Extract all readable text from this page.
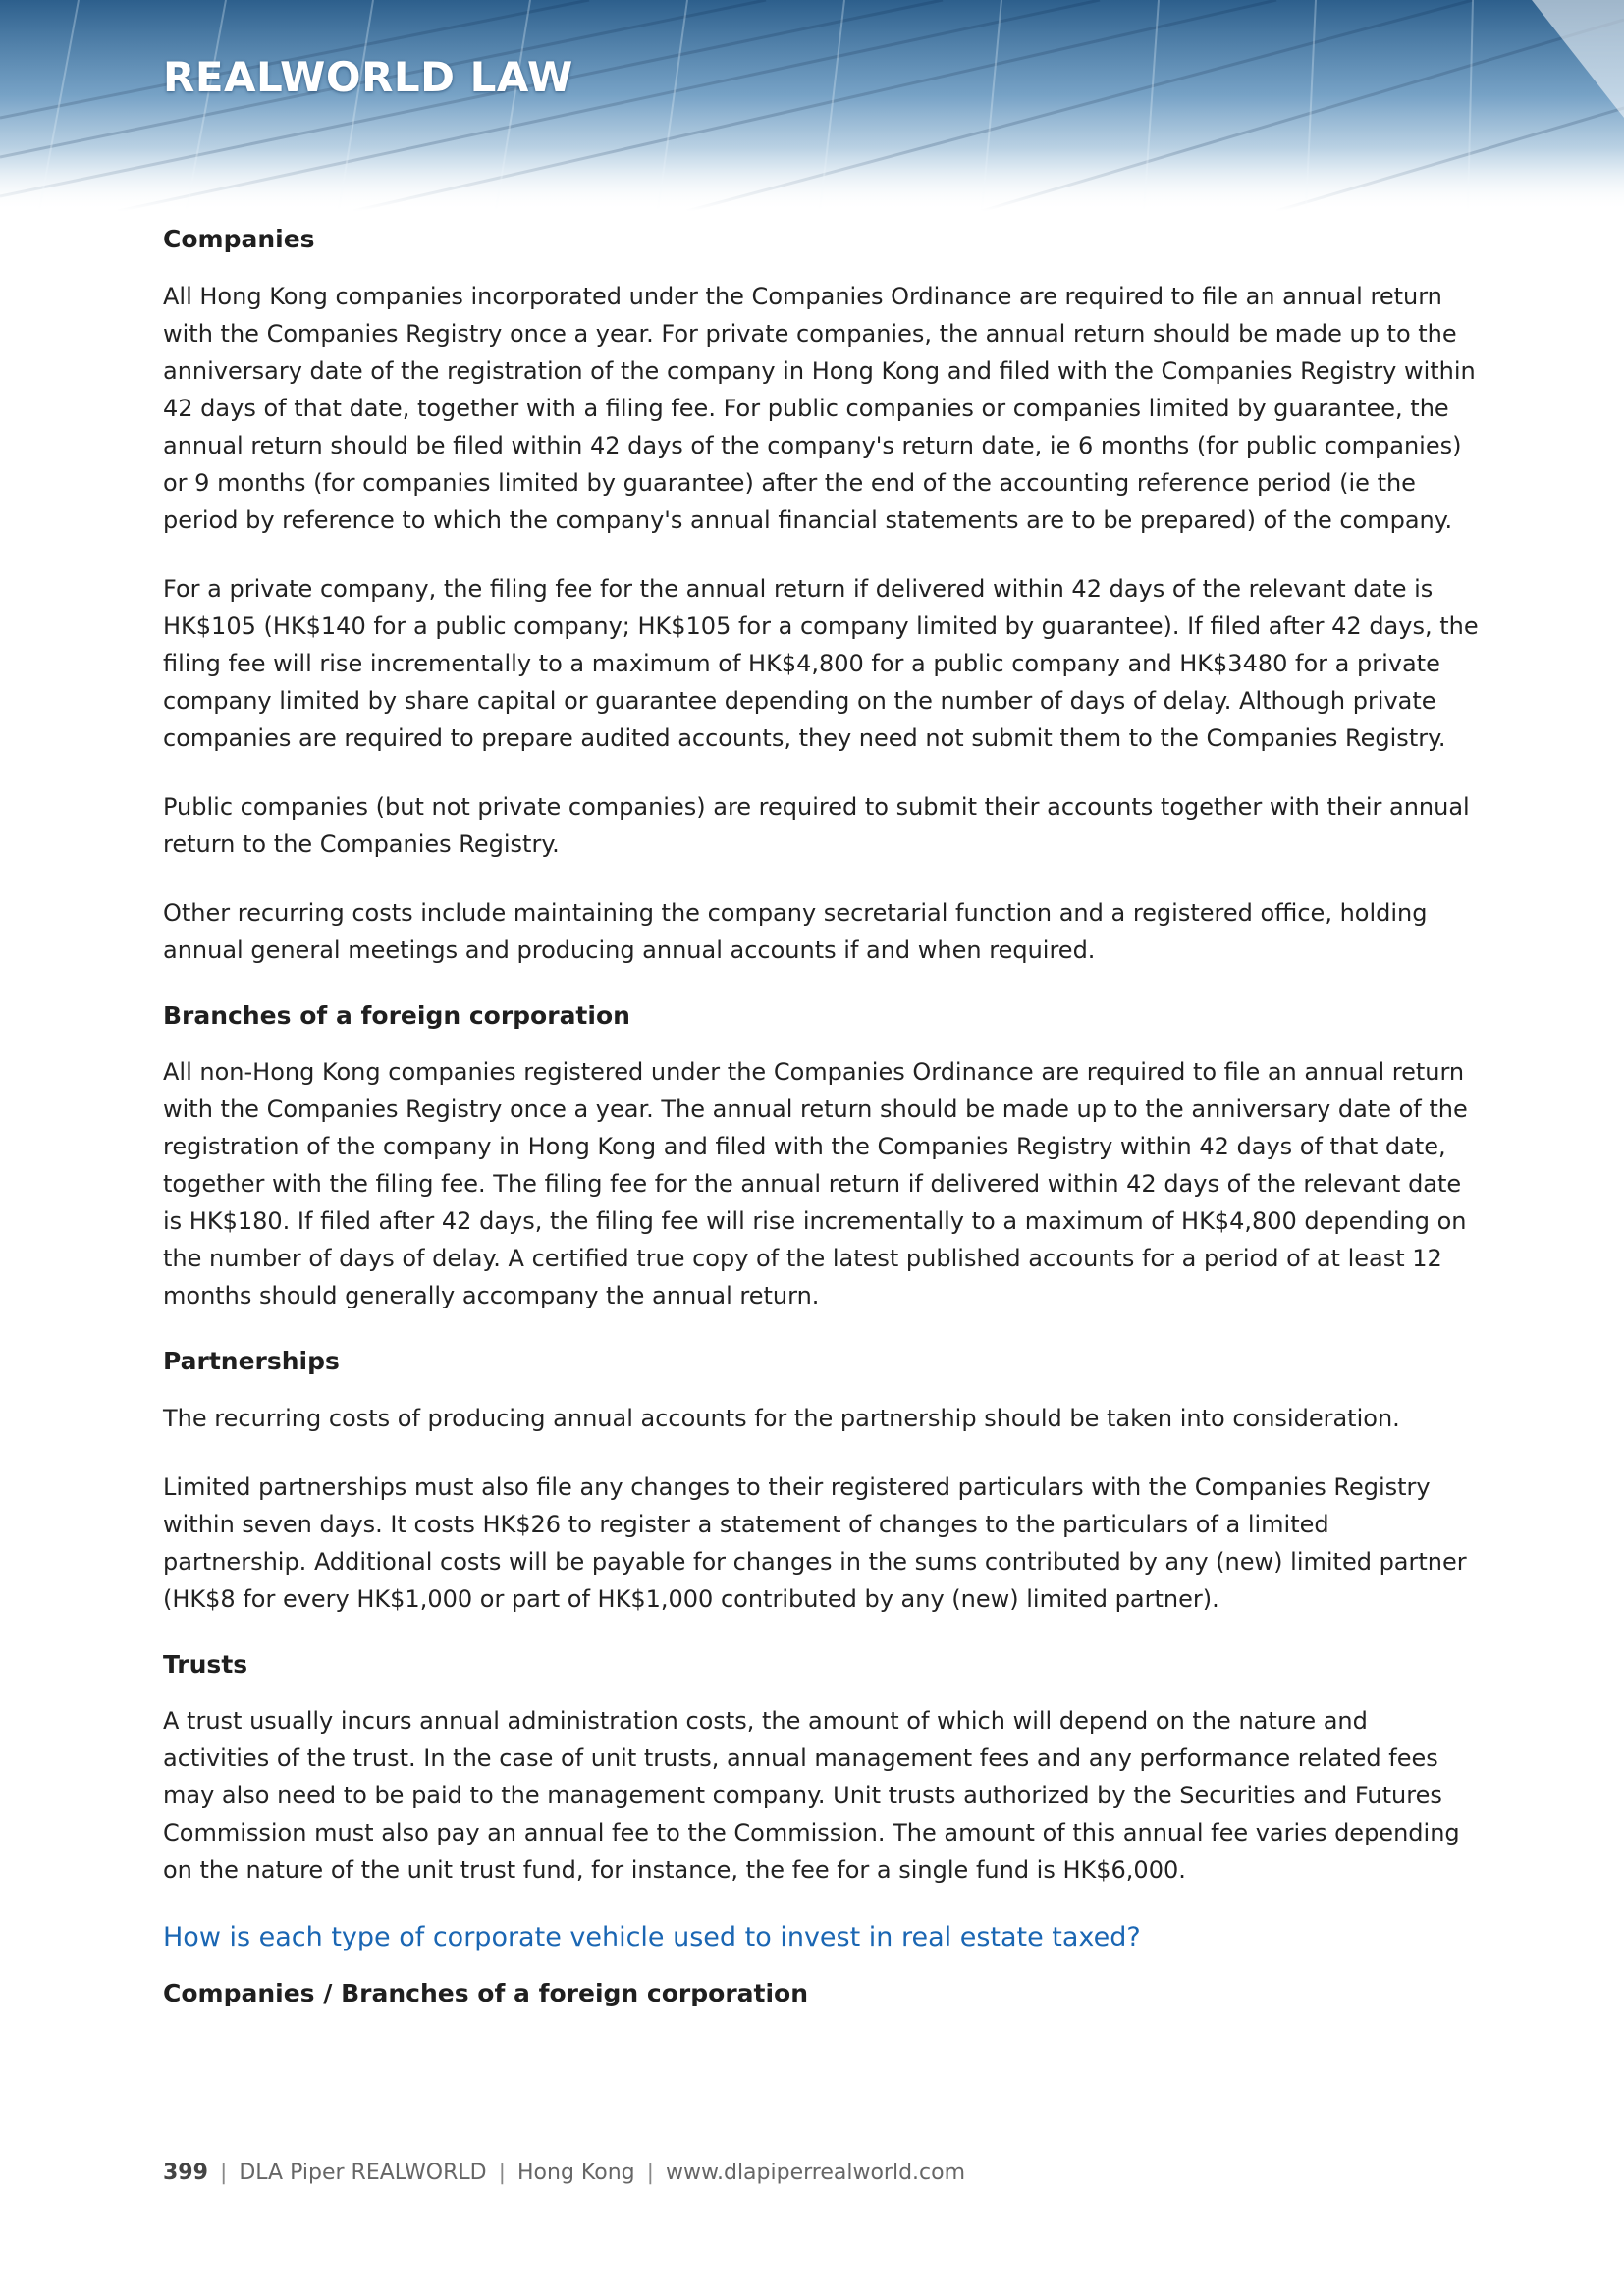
REALWORLD LAW
Companies

All Hong Kong companies incorporated under the Companies Ordinance are required to file an annual return with the Companies Registry once a year. For private companies, the annual return should be made up to the anniversary date of the registration of the company in Hong Kong and filed with the Companies Registry within 42 days of that date, together with a filing fee. For public companies or companies limited by guarantee, the annual return should be filed within 42 days of the company's return date, ie 6 months (for public companies) or 9 months (for companies limited by guarantee) after the end of the accounting reference period (ie the period by reference to which the company's annual financial statements are to be prepared) of the company.

For a private company, the filing fee for the annual return if delivered within 42 days of the relevant date is HK$105 (HK$140 for a public company; HK$105 for a company limited by guarantee). If filed after 42 days, the filing fee will rise incrementally to a maximum of HK$4,800 for a public company and HK$3480 for a private company limited by share capital or guarantee depending on the number of days of delay. Although private companies are required to prepare audited accounts, they need not submit them to the Companies Registry.

Public companies (but not private companies) are required to submit their accounts together with their annual return to the Companies Registry.

Other recurring costs include maintaining the company secretarial function and a registered office, holding annual general meetings and producing annual accounts if and when required.

Branches of a foreign corporation

All non-Hong Kong companies registered under the Companies Ordinance are required to file an annual return with the Companies Registry once a year. The annual return should be made up to the anniversary date of the registration of the company in Hong Kong and filed with the Companies Registry within 42 days of that date, together with the filing fee. The filing fee for the annual return if delivered within 42 days of the relevant date is HK$180. If filed after 42 days, the filing fee will rise incrementally to a maximum of HK$4,800 depending on the number of days of delay. A certified true copy of the latest published accounts for a period of at least 12 months should generally accompany the annual return.

Partnerships

The recurring costs of producing annual accounts for the partnership should be taken into consideration.

Limited partnerships must also file any changes to their registered particulars with the Companies Registry within seven days. It costs HK$26 to register a statement of changes to the particulars of a limited partnership. Additional costs will be payable for changes in the sums contributed by any (new) limited partner (HK$8 for every HK$1,000 or part of HK$1,000 contributed by any (new) limited partner).

Trusts

A trust usually incurs annual administration costs, the amount of which will depend on the nature and activities of the trust. In the case of unit trusts, annual management fees and any performance related fees may also need to be paid to the management company. Unit trusts authorized by the Securities and Futures Commission must also pay an annual fee to the Commission. The amount of this annual fee varies depending on the nature of the unit trust fund, for instance, the fee for a single fund is HK$6,000.

How is each type of corporate vehicle used to invest in real estate taxed?
Companies / Branches of a foreign corporation
399 | DLA Piper REALWORLD | Hong Kong | www.dlapiperrealworld.com
